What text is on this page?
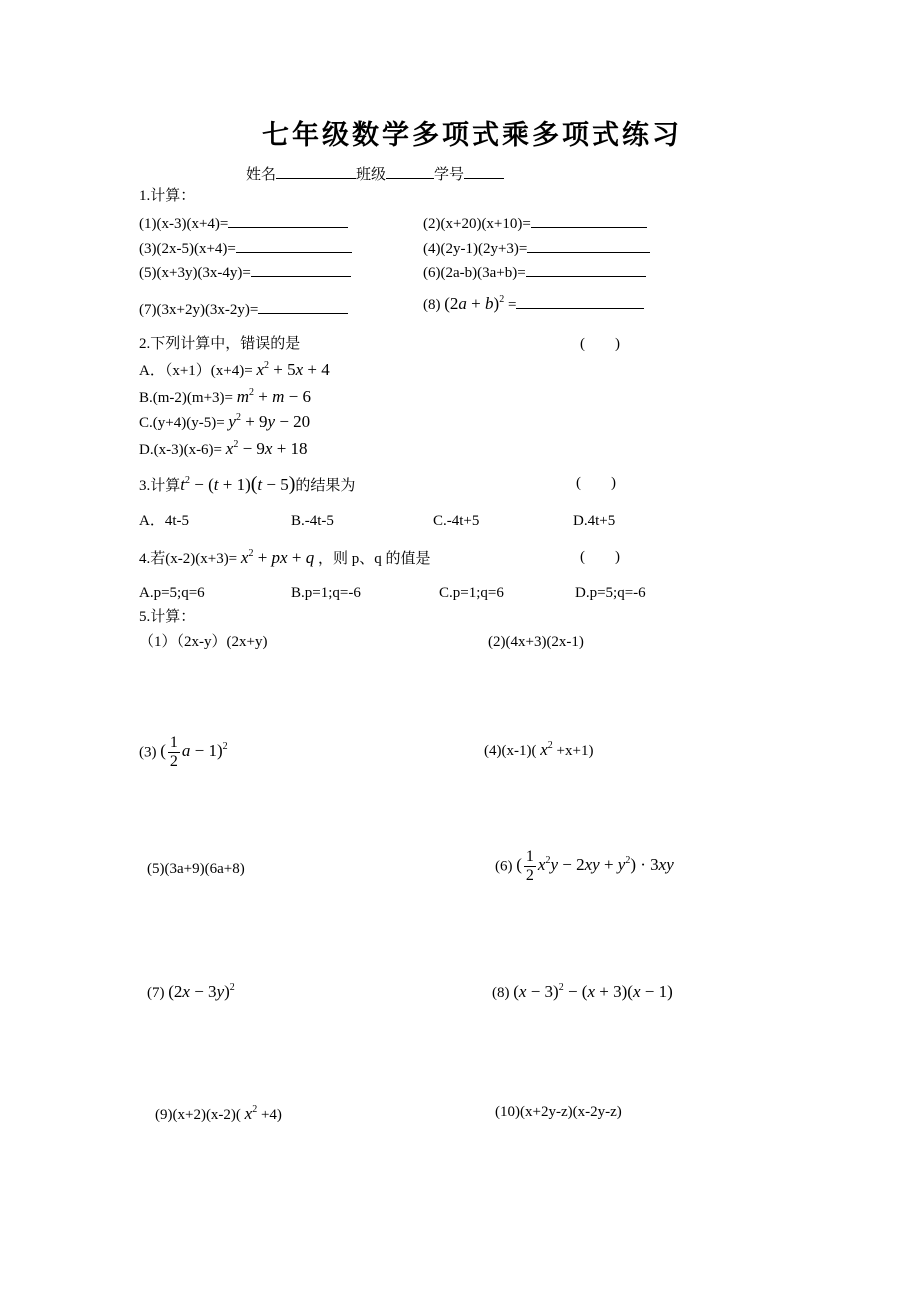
七年级数学多项式乘多项式练习
姓名	班级	学号
1.计算：
(1)(x-3)(x+4)=	(2)(x+20)(x+10)=
(3)(2x-5)(x+4)=	(4)(2y-1)(2y+3)=
(5)(x+3y)(3x-4y)=	(6)(2a-b)(3a+b)=
(7)(3x+2y)(3x-2y)=	(8) $(2a + b)^2$ =
2.下列计算中，错误的是	(　　)
A．$(x+1)(x+4)= x^2 + 5x + 4$
$B.(m-2)(m+3)= m^2 + m - 6$
$C.(y+4)(y-5)= y^2 + 9y - 20$
$D.(x-3)(x-6)= x^2 - 9x + 18$
3.计算$t^2 - (t + 1)(t - 5)$的结果为	(　　)
A．4t-5	B.-4t-5	C.-4t+5	D.4t+5
4.若$(x-2)(x+3)= x^2$ + px + q ，则 p、q 的值是	(　　)
A.p=5;q=6	B.p=1;q=-6	C.p=1;q=6	D.p=5;q=-6
5.计算：
（1）（2x-y）(2x+y)	(2)(4x+3)(2x-1)
(3) ( $\frac{1}{2}$ a − 1)$^2$	(4)(x-1)( $x^2 +x+1$)
(5)(3a+9)(6a+8)	(6) ( $\frac{1}{2} x^2y - 2xy + y^2) \cdot 3xy$
(7) $(2x - 3y)^2$	(8) $(x - 3)^2 - (x + 3)(x - 1)$
(9)(x+2)(x-2)( $x^2 +4$)	(10)(x+2y-z)(x-2y-z)
